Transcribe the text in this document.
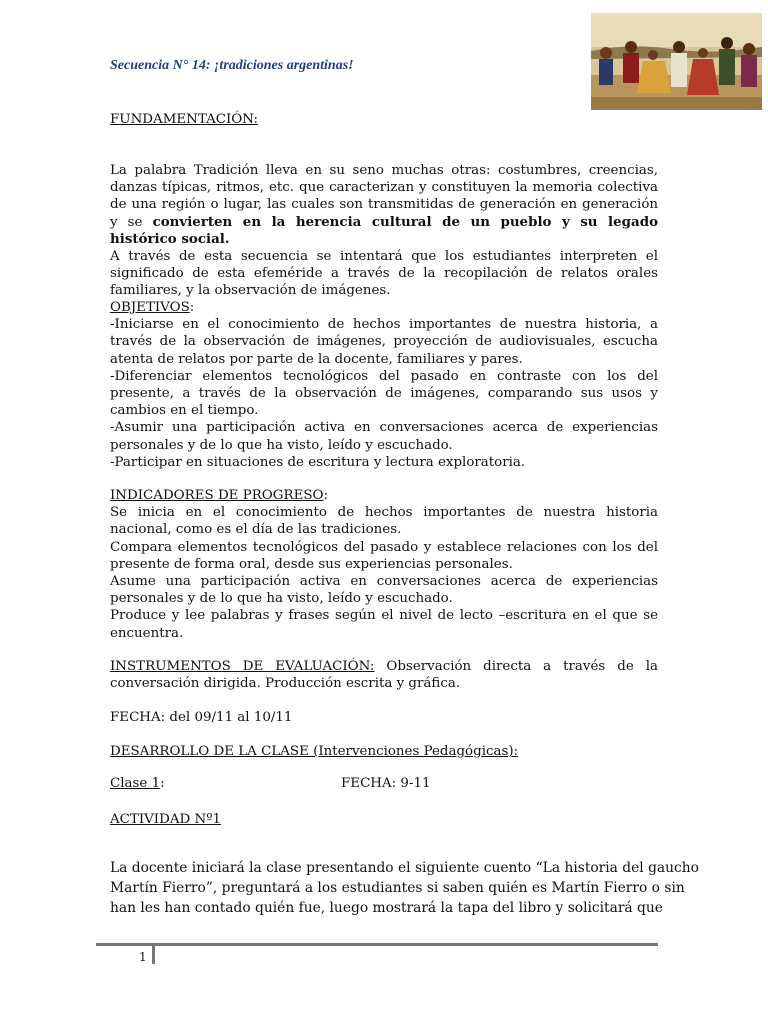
Secuencia N° 14: ¡tradiciones argentinas!

FUNDAMENTACIÓN:

La palabra Tradición lleva en su seno muchas otras: costumbres, creencias, danzas típicas, ritmos, etc. que caracterizan y constituyen la memoria colectiva de una región o lugar, las cuales son transmitidas de generación en generación y se convierten en la herencia cultural de un pueblo y su legado histórico social.

A través de esta secuencia se intentará que los estudiantes interpreten el significado de esta efeméride a través de la recopilación de relatos orales familiares, y la observación de imágenes.

OBJETIVOS:

-Iniciarse en el conocimiento de hechos importantes de nuestra historia, a través de la observación de imágenes, proyección de audiovisuales, escucha atenta de relatos por parte de la docente, familiares y pares.

-Diferenciar elementos tecnológicos del pasado en contraste con los del presente, a través de la observación de imágenes, comparando sus usos y cambios en el tiempo.

-Asumir una participación activa en conversaciones acerca de experiencias personales y de lo que ha visto, leído y escuchado.

-Participar en situaciones de escritura y lectura exploratoria.

INDICADORES DE PROGRESO:

Se inicia en el conocimiento de hechos importantes de nuestra historia nacional, como es el día de las tradiciones.

Compara elementos tecnológicos del pasado y establece relaciones con los del presente de forma oral, desde sus experiencias personales.

Asume una participación activa en conversaciones acerca de experiencias personales y de lo que ha visto, leído y escuchado.

Produce y lee palabras y frases según el nivel de lecto –escritura en el que se encuentra.

INSTRUMENTOS DE EVALUACIÓN: Observación directa a través de la conversación dirigida. Producción escrita y gráfica.

FECHA: del 09/11 al 10/11

DESARROLLO DE LA CLASE (Intervenciones Pedagógicas):

Clase 1:	FECHA: 9-11

ACTIVIDAD Nº1

La docente iniciará la clase presentando el siguiente cuento “La historia del gaucho
Martín Fierro”, preguntará a los estudiantes si saben quién es Martín Fierro o sin
han les han contado quién fue, luego mostrará la tapa del libro y solicitará que
1
